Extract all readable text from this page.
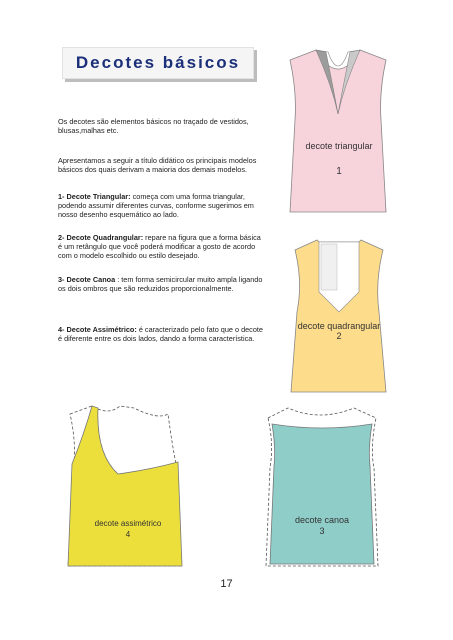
Decotes básicos
Os decotes são elementos básicos no traçado de vestidos, blusas,malhas etc.
Apresentamos a seguir a título didático os principais modelos básicos dos quais derivam a maioria dos demais modelos.
1- Decote Triangular: começa com uma forma triangular, podendo assumir diferentes curvas, conforme sugerimos em nosso desenho esquemático ao lado.
2- Decote Quadrangular: repare na figura que a forma básica é um retângulo que você poderá modificar a gosto de acordo com o modelo escolhido ou estilo desejado.
3- Decote Canoa : tem forma semicircular muito ampla ligando os dois ombros que são reduzidos proporcionalmente.
4- Decote Assimétrico: é caracterizado pelo fato que o decote é diferente entre os dois lados, dando a forma característica.
decote triangular
1
decote quadrangular
2
decote assimétrico
4
decote canoa
3
17
